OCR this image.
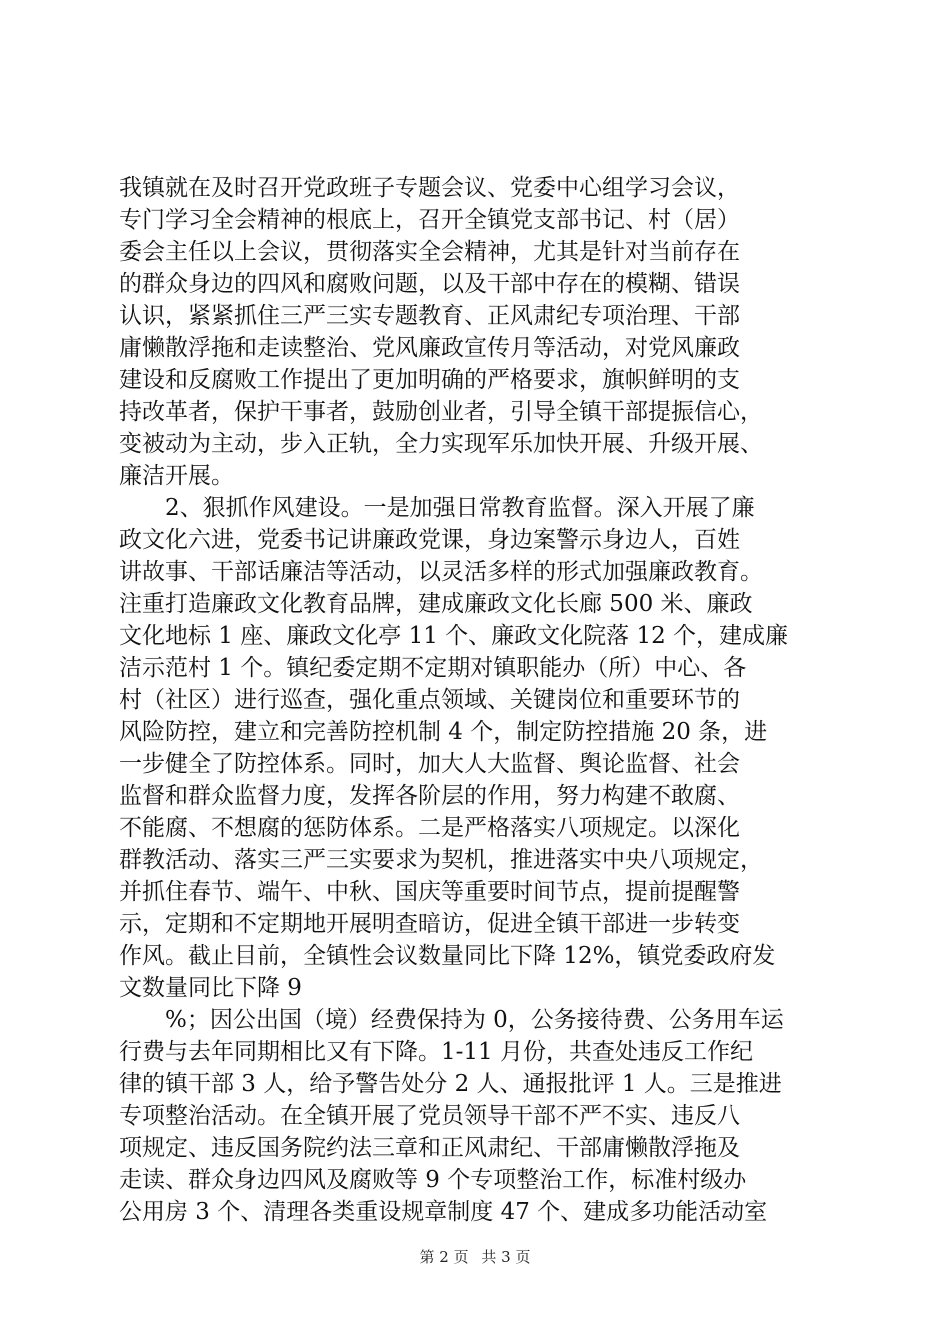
我镇就在及时召开党政班子专题会议、党委中心组学习会议，
专门学习全会精神的根底上，召开全镇党支部书记、村（居）
委会主任以上会议，贯彻落实全会精神，尤其是针对当前存在
的群众身边的四风和腐败问题，以及干部中存在的模糊、错误
认识，紧紧抓住三严三实专题教育、正风肃纪专项治理、干部
庸懒散浮拖和走读整治、党风廉政宣传月等活动，对党风廉政
建设和反腐败工作提出了更加明确的严格要求，旗帜鲜明的支
持改革者，保护干事者，鼓励创业者，引导全镇干部提振信心，
变被动为主动，步入正轨，全力实现军乐加快开展、升级开展、
廉洁开展。
2、狠抓作风建设。一是加强日常教育监督。深入开展了廉
政文化六进，党委书记讲廉政党课，身边案警示身边人，百姓
讲故事、干部话廉洁等活动，以灵活多样的形式加强廉政教育。
注重打造廉政文化教育品牌，建成廉政文化长廊 500 米、廉政
文化地标 1 座、廉政文化亭 11 个、廉政文化院落 12 个，建成廉
洁示范村 1 个。镇纪委定期不定期对镇职能办（所）中心、各
村（社区）进行巡查，强化重点领域、关键岗位和重要环节的
风险防控，建立和完善防控机制 4 个，制定防控措施 20 条，进
一步健全了防控体系。同时，加大人大监督、舆论监督、社会
监督和群众监督力度，发挥各阶层的作用，努力构建不敢腐、
不能腐、不想腐的惩防体系。二是严格落实八项规定。以深化
群教活动、落实三严三实要求为契机，推进落实中央八项规定，
并抓住春节、端午、中秋、国庆等重要时间节点，提前提醒警
示，定期和不定期地开展明查暗访，促进全镇干部进一步转变
作风。截止目前，全镇性会议数量同比下降 12%，镇党委政府发
文数量同比下降 9
%；因公出国（境）经费保持为 0，公务接待费、公务用车运
行费与去年同期相比又有下降。1-11 月份，共查处违反工作纪
律的镇干部 3 人，给予警告处分 2 人、通报批评 1 人。三是推进
专项整治活动。在全镇开展了党员领导干部不严不实、违反八
项规定、违反国务院约法三章和正风肃纪、干部庸懒散浮拖及
走读、群众身边四风及腐败等 9 个专项整治工作，标准村级办
公用房 3 个、清理各类重设规章制度 47 个、建成多功能活动室
第 2 页 共 3 页
